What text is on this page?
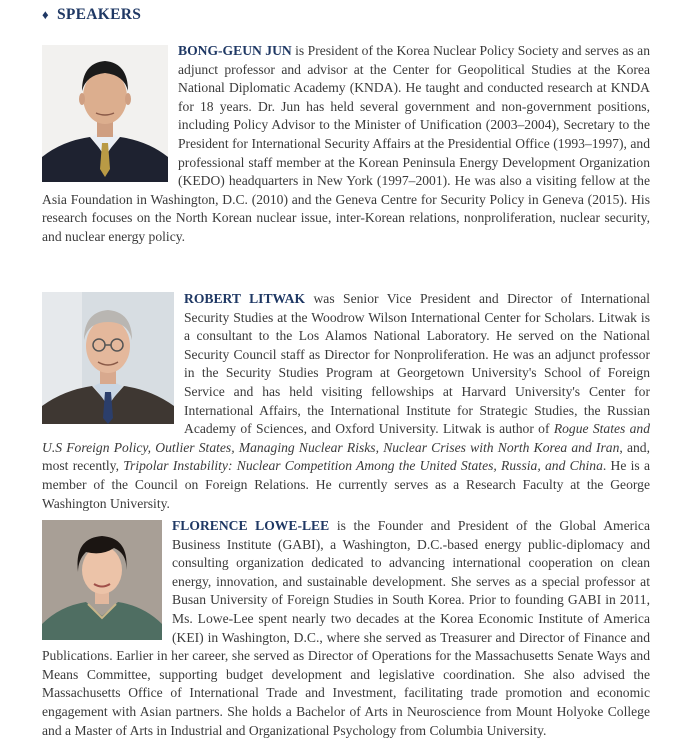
♦ SPEAKERS

BONG-GEUN JUN is President of the Korea Nuclear Policy Society and serves as an adjunct professor and advisor at the Center for Geopolitical Studies at the Korea National Diplomatic Academy (KNDA). He taught and conducted research at KNDA for 18 years. Dr. Jun has held several government and non-government positions, including Policy Advisor to the Minister of Unification (2003–2004), Secretary to the President for International Security Affairs at the Presidential Office (1993–1997), and professional staff member at the Korean Peninsula Energy Development Organization (KEDO) headquarters in New York (1997–2001). He was also a visiting fellow at the Asia Foundation in Washington, D.C. (2010) and the Geneva Centre for Security Policy in Geneva (2015). His research focuses on the North Korean nuclear issue, inter-Korean relations, nonproliferation, nuclear security, and nuclear energy policy.

ROBERT LITWAK was Senior Vice President and Director of International Security Studies at the Woodrow Wilson International Center for Scholars. Litwak is a consultant to the Los Alamos National Laboratory. He served on the National Security Council staff as Director for Nonproliferation. He was an adjunct professor in the Security Studies Program at Georgetown University's School of Foreign Service and has held visiting fellowships at Harvard University's Center for International Affairs, the International Institute for Strategic Studies, the Russian Academy of Sciences, and Oxford University. Litwak is author of Rogue States and U.S Foreign Policy, Outlier States, Managing Nuclear Risks, Nuclear Crises with North Korea and Iran, and, most recently, Tripolar Instability: Nuclear Competition Among the United States, Russia, and China. He is a member of the Council on Foreign Relations. He currently serves as a Research Faculty at the George Washington University.

FLORENCE LOWE-LEE is the Founder and President of the Global America Business Institute (GABI), a Washington, D.C.-based energy public-diplomacy and consulting organization dedicated to advancing international cooperation on clean energy, innovation, and sustainable development. She serves as a special professor at Busan University of Foreign Studies in South Korea. Prior to founding GABI in 2011, Ms. Lowe-Lee spent nearly two decades at the Korea Economic Institute of America (KEI) in Washington, D.C., where she served as Treasurer and Director of Finance and Publications. Earlier in her career, she served as Director of Operations for the Massachusetts Senate Ways and Means Committee, supporting budget development and legislative coordination. She also advised the Massachusetts Office of International Trade and Investment, facilitating trade promotion and economic engagement with Asian partners. She holds a Bachelor of Arts in Neuroscience from Mount Holyoke College and a Master of Arts in Industrial and Organizational Psychology from Columbia University.
